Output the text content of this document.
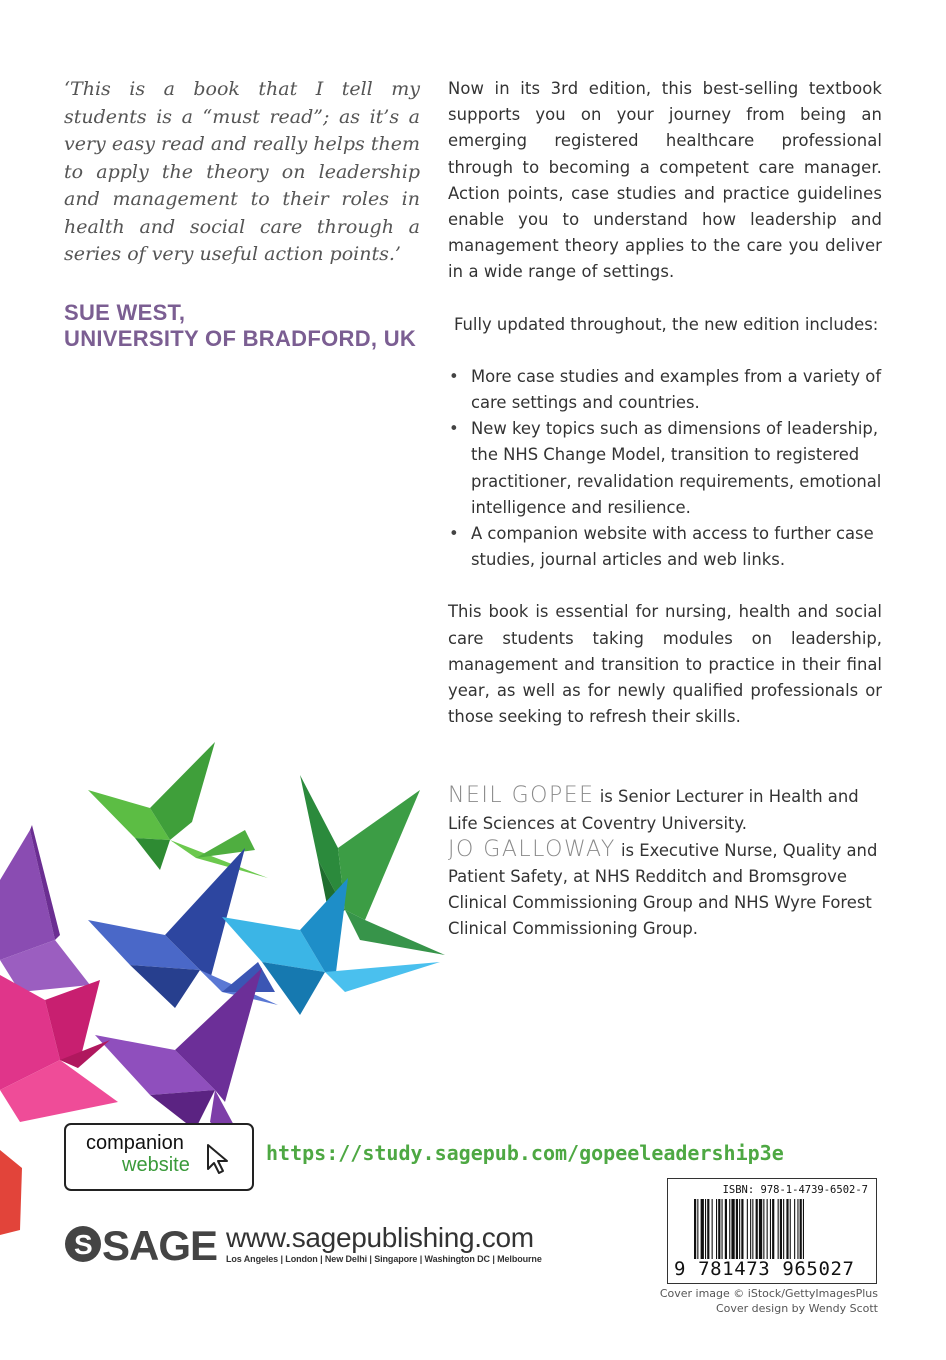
‘This is a book that I tell my students is a “must read”; as it’s a very easy read and really helps them to apply the theory on leadership and management to their roles in health and social care through a series of very useful action points.’

SUE WEST,
UNIVERSITY OF BRADFORD, UK

Now in its 3rd edition, this best-selling textbook supports you on your journey from being an emerging registered healthcare professional through to becoming a competent care manager. Action points, case studies and practice guidelines enable you to understand how leadership and management theory applies to the care you deliver in a wide range of settings.

Fully updated throughout, the new edition includes:

• More case studies and examples from a variety of care settings and countries.
• New key topics such as dimensions of leadership, the NHS Change Model, transition to registered practitioner, revalidation requirements, emotional intelligence and resilience.
• A companion website with access to further case studies, journal articles and web links.

This book is essential for nursing, health and social care students taking modules on leadership, management and transition to practice in their final year, as well as for newly qualified professionals or those seeking to refresh their skills.

NEIL GOPEE is Senior Lecturer in Health and Life Sciences at Coventry University.
JO GALLOWAY is Executive Nurse, Quality and Patient Safety, at NHS Redditch and Bromsgrove Clinical Commissioning Group and NHS Wyre Forest Clinical Commissioning Group.

companion
website	https://study.sagepub.com/gopeeleadership3e
S SAGE www.sagepublishing.com
Los Angeles | London | New Delhi | Singapore | Washington DC | Melbourne
ISBN: 978-1-4739-6502-7
9 781473 965027
Cover image © iStock/GettyImagesPlus
Cover design by Wendy Scott
